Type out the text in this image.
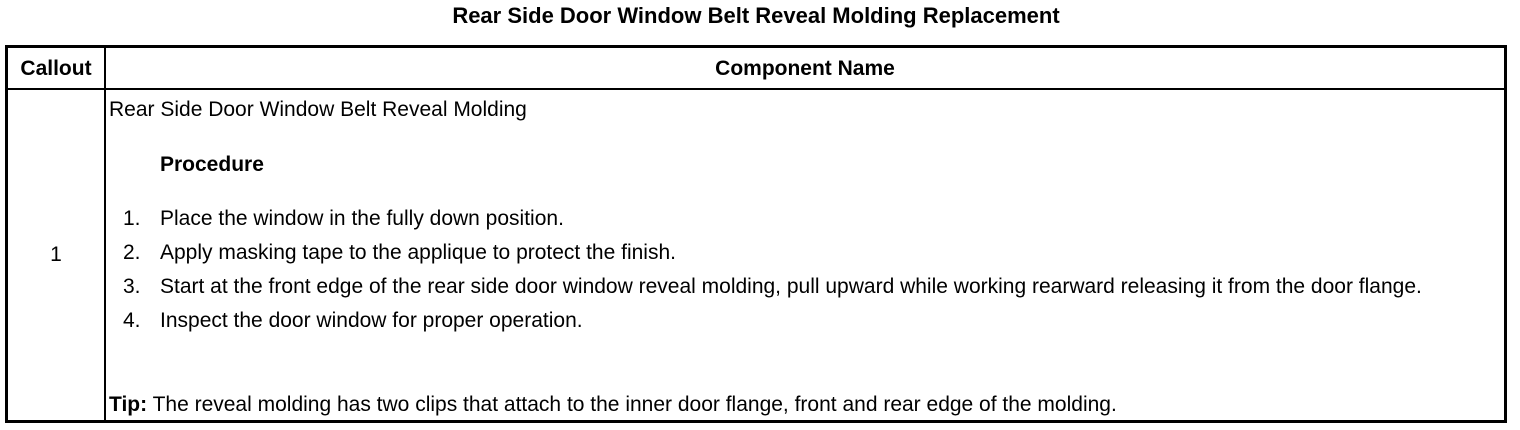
Rear Side Door Window Belt Reveal Molding Replacement
Callout	Component Name
1
Rear Side Door Window Belt Reveal Molding
Procedure
1. Place the window in the fully down position.
2. Apply masking tape to the applique to protect the finish.
3. Start at the front edge of the rear side door window reveal molding, pull upward while working rearward releasing it from the door flange.
4. Inspect the door window for proper operation.
Tip: The reveal molding has two clips that attach to the inner door flange, front and rear edge of the molding.
